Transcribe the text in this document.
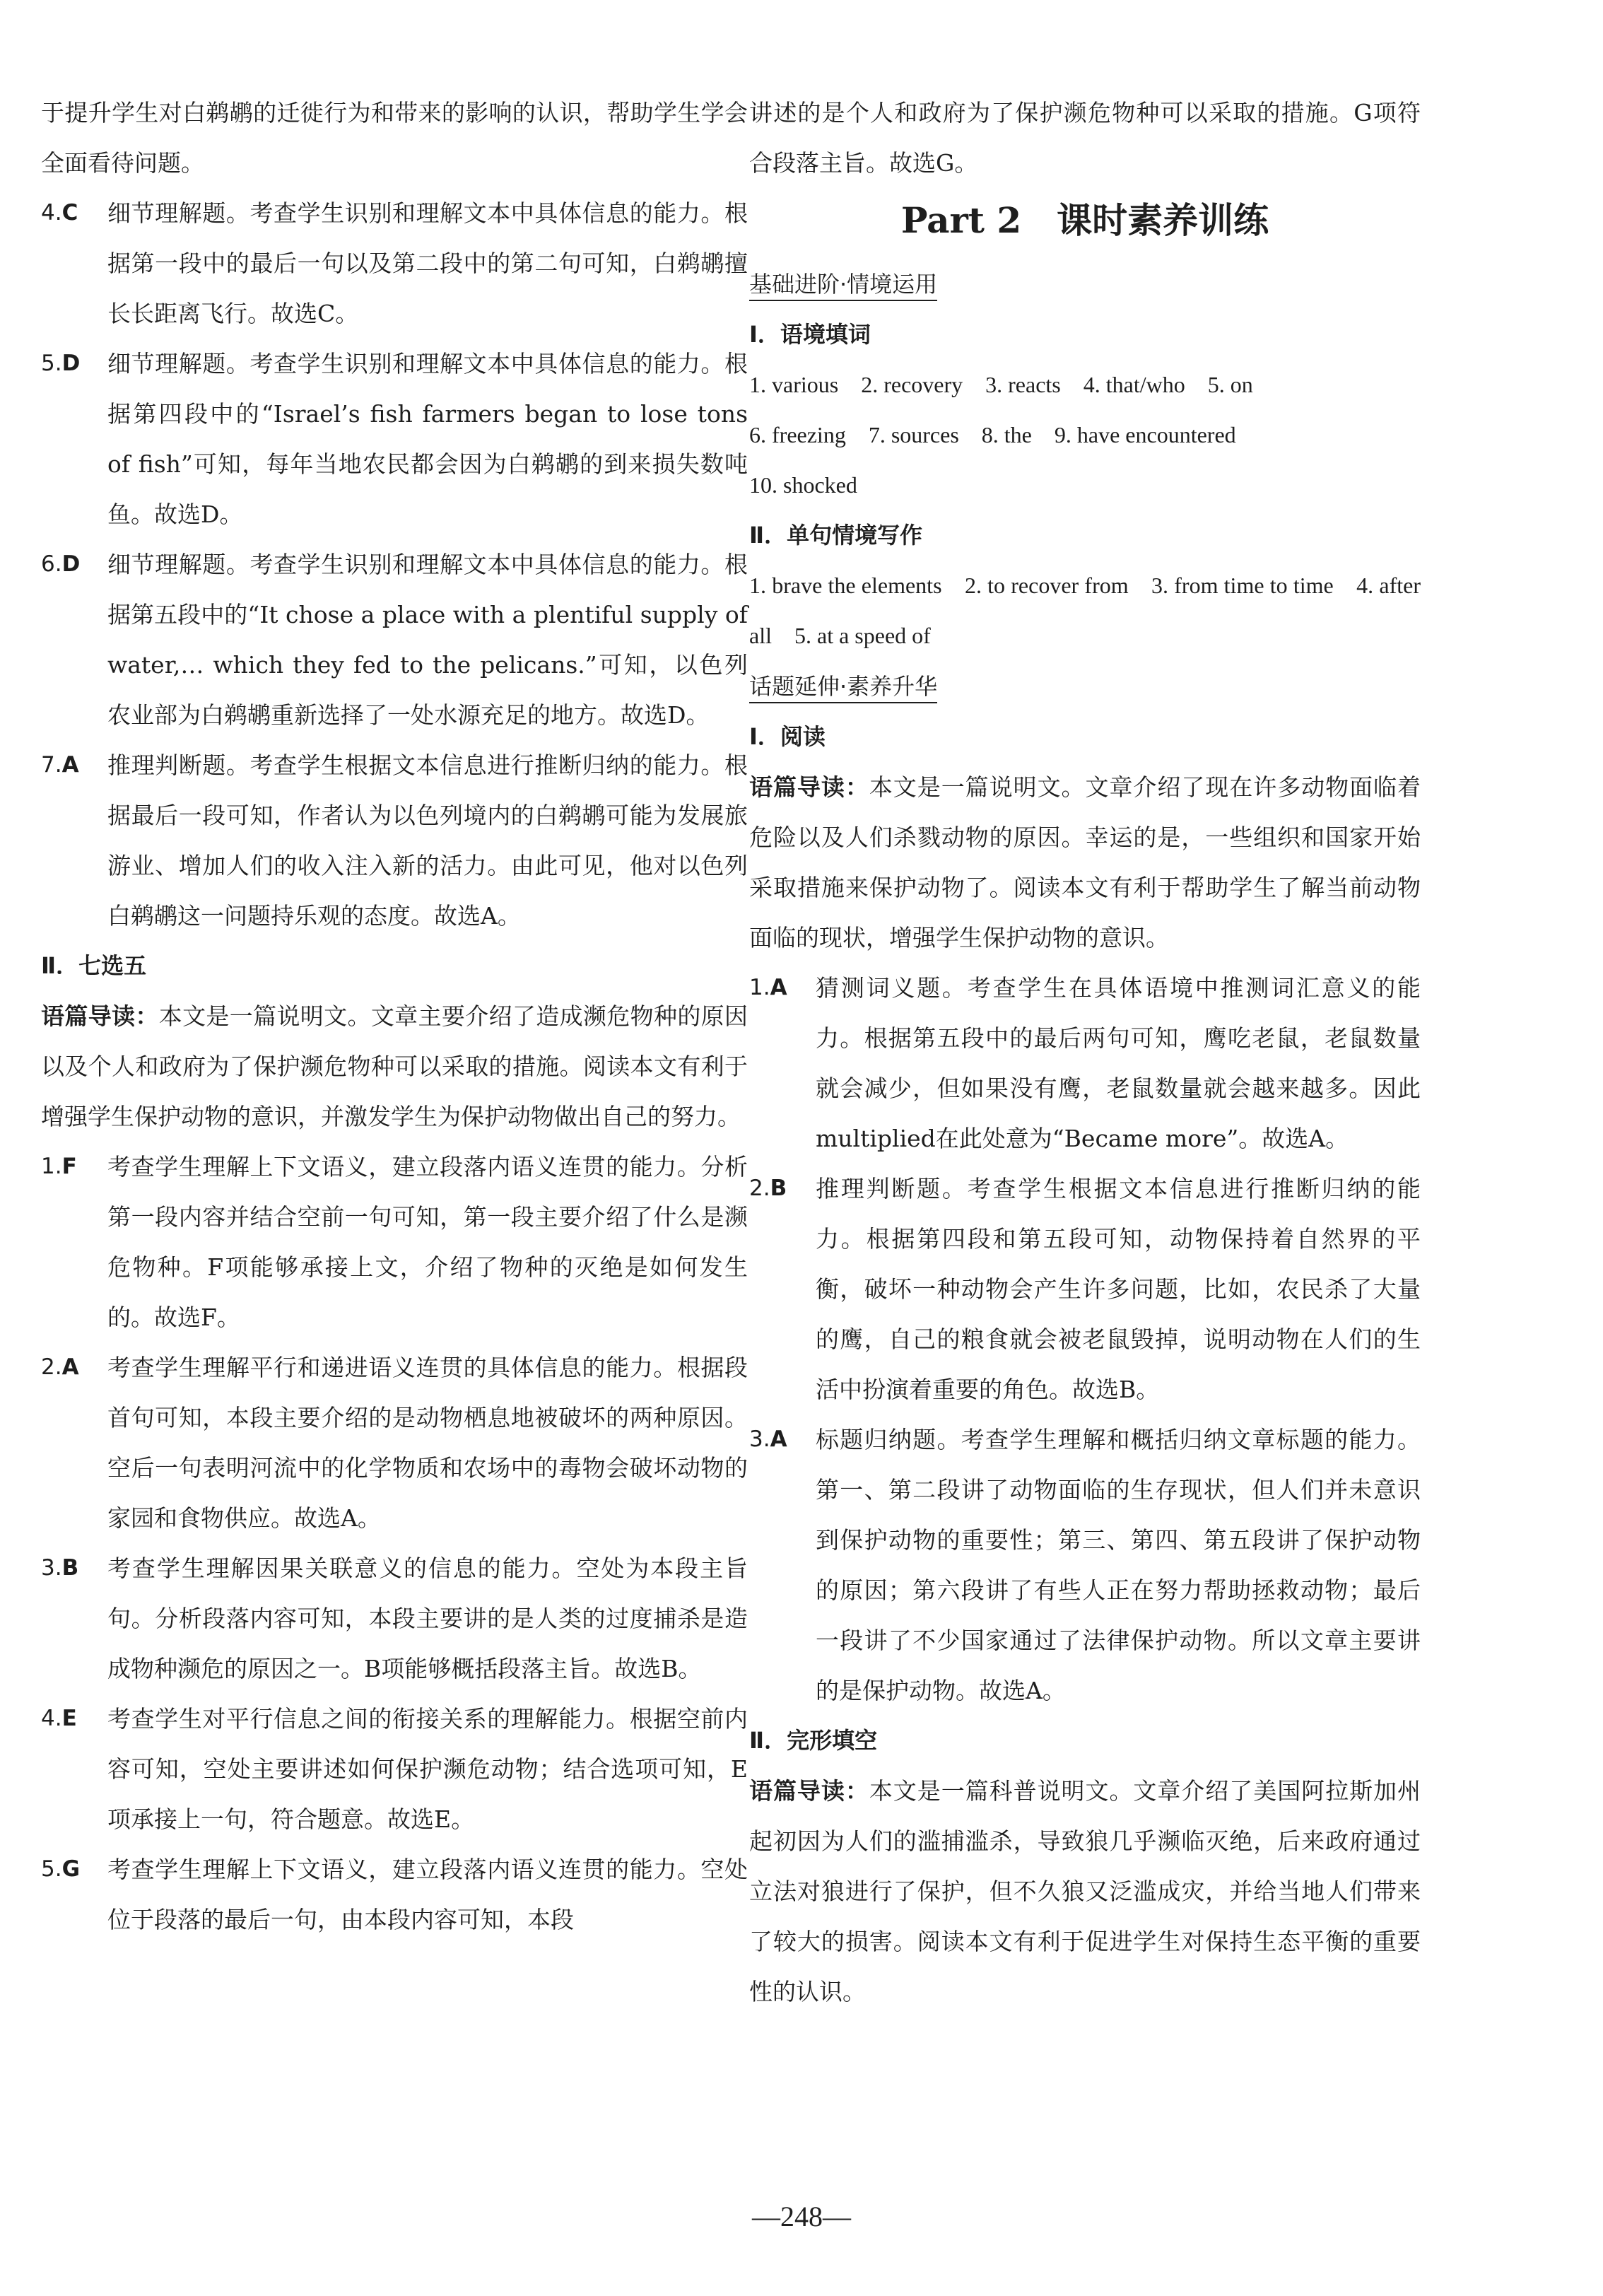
于提升学生对白鹈鹕的迁徙行为和带来的影响的认识，帮助学生学会全面看待问题。

4.C 细节理解题。考查学生识别和理解文本中具体信息的能力。根据第一段中的最后一句以及第二段中的第二句可知，白鹈鹕擅长长距离飞行。故选C。
5.D 细节理解题。考查学生识别和理解文本中具体信息的能力。根据第四段中的“Israel’s fish farmers began to lose tons of fish”可知，每年当地农民都会因为白鹈鹕的到来损失数吨鱼。故选D。
6.D 细节理解题。考查学生识别和理解文本中具体信息的能力。根据第五段中的“It chose a place with a plentiful supply of water,… which they fed to the pelicans.”可知，以色列农业部为白鹈鹕重新选择了一处水源充足的地方。故选D。
7.A 推理判断题。考查学生根据文本信息进行推断归纳的能力。根据最后一段可知，作者认为以色列境内的白鹈鹕可能为发展旅游业、增加人们的收入注入新的活力。由此可见，他对以色列白鹈鹕这一问题持乐观的态度。故选A。

Ⅱ．七选五

语篇导读：本文是一篇说明文。文章主要介绍了造成濒危物种的原因以及个人和政府为了保护濒危物种可以采取的措施。阅读本文有利于增强学生保护动物的意识，并激发学生为保护动物做出自己的努力。

1.F 考查学生理解上下文语义，建立段落内语义连贯的能力。分析第一段内容并结合空前一句可知，第一段主要介绍了什么是濒危物种。F项能够承接上文，介绍了物种的灭绝是如何发生的。故选F。
2.A 考查学生理解平行和递进语义连贯的具体信息的能力。根据段首句可知，本段主要介绍的是动物栖息地被破坏的两种原因。空后一句表明河流中的化学物质和农场中的毒物会破坏动物的家园和食物供应。故选A。
3.B 考查学生理解因果关联意义的信息的能力。空处为本段主旨句。分析段落内容可知，本段主要讲的是人类的过度捕杀是造成物种濒危的原因之一。B项能够概括段落主旨。故选B。
4.E 考查学生对平行信息之间的衔接关系的理解能力。根据空前内容可知，空处主要讲述如何保护濒危动物；结合选项可知，E项承接上一句，符合题意。故选E。
5.G 考查学生理解上下文语义，建立段落内语义连贯的能力。空处位于段落的最后一句，由本段内容可知，本段

讲述的是个人和政府为了保护濒危物种可以采取的措施。G项符合段落主旨。故选G。

Part 2　课时素养训练
基础进阶·情境运用

Ⅰ．语境填词

1. various　2. recovery　3. reacts　4. that/who　5. on
6. freezing　7. sources　8. the　9. have encountered
10. shocked

Ⅱ．单句情境写作

1. brave the elements　2. to recover from　3. from time to time　4. after all　5. at a speed of

话题延伸·素养升华

Ⅰ．阅读

语篇导读：本文是一篇说明文。文章介绍了现在许多动物面临着危险以及人们杀戮动物的原因。幸运的是，一些组织和国家开始采取措施来保护动物了。阅读本文有利于帮助学生了解当前动物面临的现状，增强学生保护动物的意识。

1.A 猜测词义题。考查学生在具体语境中推测词汇意义的能力。根据第五段中的最后两句可知，鹰吃老鼠，老鼠数量就会减少，但如果没有鹰，老鼠数量就会越来越多。因此multiplied在此处意为“Became more”。故选A。
2.B 推理判断题。考查学生根据文本信息进行推断归纳的能力。根据第四段和第五段可知，动物保持着自然界的平衡，破坏一种动物会产生许多问题，比如，农民杀了大量的鹰，自己的粮食就会被老鼠毁掉，说明动物在人们的生活中扮演着重要的角色。故选B。
3.A 标题归纳题。考查学生理解和概括归纳文章标题的能力。第一、第二段讲了动物面临的生存现状，但人们并未意识到保护动物的重要性；第三、第四、第五段讲了保护动物的原因；第六段讲了有些人正在努力帮助拯救动物；最后一段讲了不少国家通过了法律保护动物。所以文章主要讲的是保护动物。故选A。

Ⅱ．完形填空

语篇导读：本文是一篇科普说明文。文章介绍了美国阿拉斯加州起初因为人们的滥捕滥杀，导致狼几乎濒临灭绝，后来政府通过立法对狼进行了保护，但不久狼又泛滥成灾，并给当地人们带来了较大的损害。阅读本文有利于促进学生对保持生态平衡的重要性的认识。

—248—
